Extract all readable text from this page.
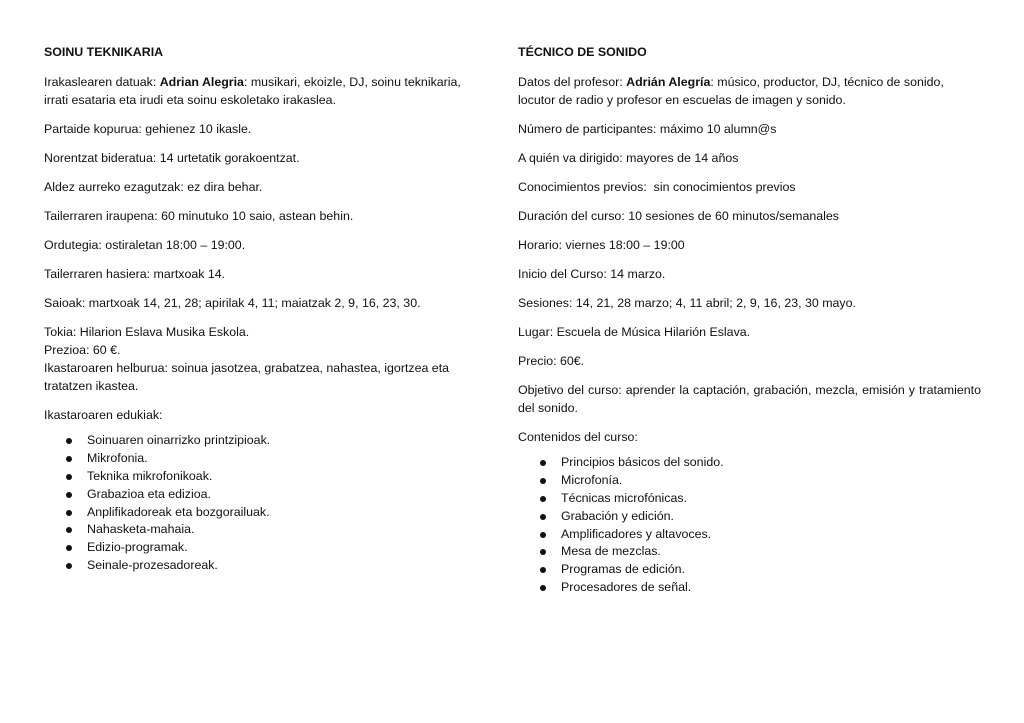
SOINU TEKNIKARIA

Irakaslearen datuak: Adrian Alegria: musikari, ekoizle, DJ, soinu teknikaria,
irrati esataria eta irudi eta soinu eskoletako irakaslea.

Partaide kopurua: gehienez 10 ikasle.

Norentzat bideratua: 14 urtetatik gorakoentzat.

Aldez aurreko ezagutzak: ez dira behar.

Tailerraren iraupena: 60 minutuko 10 saio, astean behin.

Ordutegia: ostiraletan 18:00 – 19:00.

Tailerraren hasiera: martxoak 14.

Saioak: martxoak 14, 21, 28; apirilak 4, 11; maiatzak 2, 9, 16, 23, 30.

Tokia: Hilarion Eslava Musika Eskola.

Prezioa: 60 €.

Ikastaroaren helburua: soinua jasotzea, grabatzea, nahastea, igortzea eta
tratatzen ikastea.

Ikastaroaren edukiak:

Soinuaren oinarrizko printzipioak.
Mikrofonia.
Teknika mikrofonikoak.
Grabazioa eta edizioa.
Anplifikadoreak eta bozgorailuak.
Nahasketa-mahaia.
Edizio-programak.
Seinale-prozesadoreak.
TÉCNICO DE SONIDO

Datos del profesor: Adrián Alegría: músico, productor, DJ, técnico de sonido,
locutor de radio y profesor en escuelas de imagen y sonido.

Número de participantes: máximo 10 alumn@s

A quién va dirigido: mayores de 14 años

Conocimientos previos:  sin conocimientos previos

Duración del curso: 10 sesiones de 60 minutos/semanales

Horario: viernes 18:00 – 19:00

Inicio del Curso: 14 marzo.

Sesiones: 14, 21, 28 marzo; 4, 11 abril; 2, 9, 16, 23, 30 mayo.

Lugar: Escuela de Música Hilarión Eslava.

Precio: 60€.

Objetivo del curso: aprender la captación, grabación, mezcla, emisión y tratamiento del sonido.

Contenidos del curso:

Principios básicos del sonido.
Microfonía.
Técnicas microfónicas.
Grabación y edición.
Amplificadores y altavoces.
Mesa de mezclas.
Programas de edición.
Procesadores de señal.
